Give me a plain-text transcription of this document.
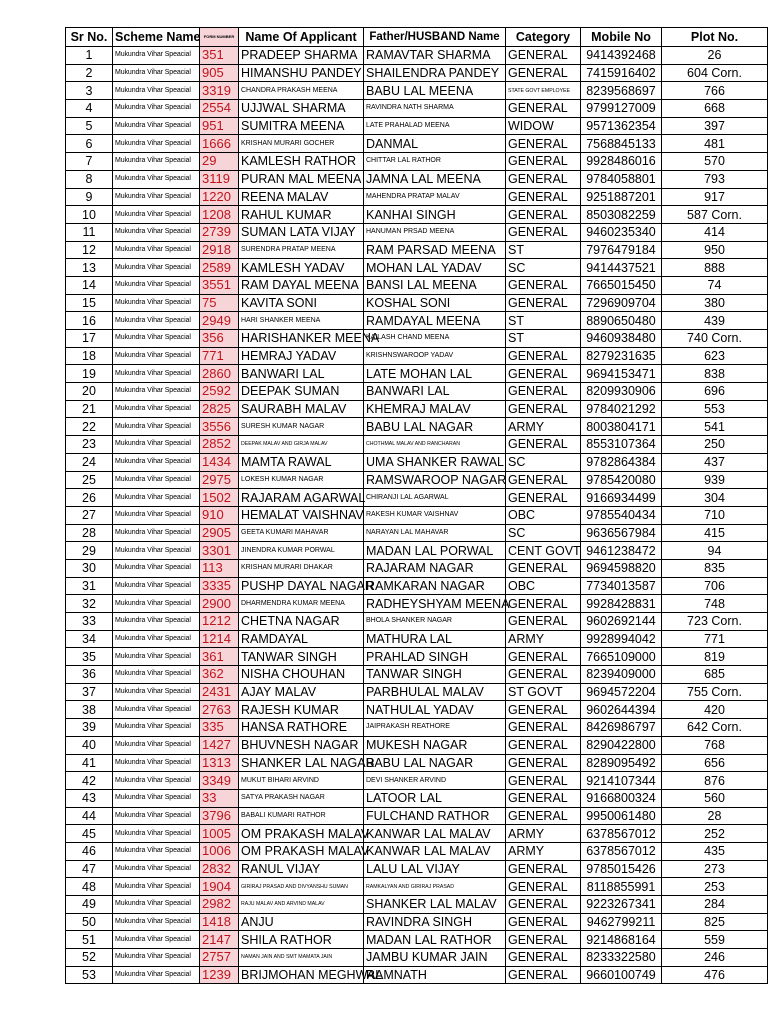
Sr No.	Scheme Name	FORM NUMBER	Name Of Applicant	Father/HUSBAND Name	Category	Mobile No	Plot No.
1	Mukundra Vihar Speacial	351	PRADEEP SHARMA	RAMAVTAR SHARMA	GENERAL	9414392468	26
2	Mukundra Vihar Speacial	905	HIMANSHU PANDEY	SHAILENDRA PANDEY	GENERAL	7415916402	604 Corn.
3	Mukundra Vihar Speacial	3319	CHANDRA PRAKASH MEENA	BABU LAL MEENA	STATE GOVT EMPLOYEE	8239568697	766
4	Mukundra Vihar Speacial	2554	UJJWAL SHARMA	RAVINDRA NATH SHARMA	GENERAL	9799127009	668
5	Mukundra Vihar Speacial	951	SUMITRA MEENA	LATE PRAHALAD MEENA	WIDOW	9571362354	397
6	Mukundra Vihar Speacial	1666	KRISHAN MURARI GOCHER	DANMAL	GENERAL	7568845133	481
7	Mukundra Vihar Speacial	29	KAMLESH RATHOR	CHITTAR LAL RATHOR	GENERAL	9928486016	570
8	Mukundra Vihar Speacial	3119	PURAN MAL MEENA	JAMNA LAL MEENA	GENERAL	9784058801	793
9	Mukundra Vihar Speacial	1220	REENA MALAV	MAHENDRA PRATAP MALAV	GENERAL	9251887201	917
10	Mukundra Vihar Speacial	1208	RAHUL KUMAR	KANHAI SINGH	GENERAL	8503082259	587 Corn.
11	Mukundra Vihar Speacial	2739	SUMAN LATA VIJAY	HANUMAN PRSAD MEENA	GENERAL	9460235340	414
12	Mukundra Vihar Speacial	2918	SURENDRA PRATAP MEENA	RAM PARSAD MEENA	ST	7976479184	950
13	Mukundra Vihar Speacial	2589	KAMLESH YADAV	MOHAN LAL YADAV	SC	9414437521	888
14	Mukundra Vihar Speacial	3551	RAM DAYAL MEENA	BANSI LAL MEENA	GENERAL	7665015450	74
15	Mukundra Vihar Speacial	75	KAVITA SONI	KOSHAL SONI	GENERAL	7296909704	380
16	Mukundra Vihar Speacial	2949	HARI SHANKER MEENA	RAMDAYAL MEENA	ST	8890650480	439
17	Mukundra Vihar Speacial	356	HARISHANKER MEENA	KAILASH CHAND MEENA	ST	9460938480	740 Corn.
18	Mukundra Vihar Speacial	771	HEMRAJ YADAV	KRISHNSWAROOP YADAV	GENERAL	8279231635	623
19	Mukundra Vihar Speacial	2860	BANWARI LAL	LATE MOHAN LAL	GENERAL	9694153471	838
20	Mukundra Vihar Speacial	2592	DEEPAK SUMAN	BANWARI LAL	GENERAL	8209930906	696
21	Mukundra Vihar Speacial	2825	SAURABH MALAV	KHEMRAJ MALAV	GENERAL	9784021292	553
22	Mukundra Vihar Speacial	3556	SURESH KUMAR NAGAR	BABU LAL NAGAR	ARMY	8003804171	541
23	Mukundra Vihar Speacial	2852	DEEPAK MALAV AND GIRJA MALAV	CHOTHMAL MALAV AND RANCHARAN	GENERAL	8553107364	250
24	Mukundra Vihar Speacial	1434	MAMTA RAWAL	UMA SHANKER RAWAL	SC	9782864384	437
25	Mukundra Vihar Speacial	2975	LOKESH KUMAR NAGAR	RAMSWAROOP NAGAR	GENERAL	9785420080	939
26	Mukundra Vihar Speacial	1502	RAJARAM AGARWAL	CHIRANJI LAL AGARWAL	GENERAL	9166934499	304
27	Mukundra Vihar Speacial	910	HEMALAT VAISHNAV	RAKESH KUMAR VAISHNAV	OBC	9785540434	710
28	Mukundra Vihar Speacial	2905	GEETA KUMARI MAHAVAR	NARAYAN LAL MAHAVAR	SC	9636567984	415
29	Mukundra Vihar Speacial	3301	JINENDRA KUMAR PORWAL	MADAN LAL PORWAL	CENT GOVT	9461238472	94
30	Mukundra Vihar Speacial	113	KRISHAN MURARI DHAKAR	RAJARAM NAGAR	GENERAL	9694598820	835
31	Mukundra Vihar Speacial	3335	PUSHP DAYAL NAGAR	RAMKARAN NAGAR	OBC	7734013587	706
32	Mukundra Vihar Speacial	2900	DHARMENDRA KUMAR MEENA	RADHEYSHYAM MEENA	GENERAL	9928428831	748
33	Mukundra Vihar Speacial	1212	CHETNA NAGAR	BHOLA SHANKER NAGAR	GENERAL	9602692144	723 Corn.
34	Mukundra Vihar Speacial	1214	RAMDAYAL	MATHURA LAL	ARMY	9928994042	771
35	Mukundra Vihar Speacial	361	TANWAR SINGH	PRAHLAD SINGH	GENERAL	7665109000	819
36	Mukundra Vihar Speacial	362	NISHA CHOUHAN	TANWAR SINGH	GENERAL	8239409000	685
37	Mukundra Vihar Speacial	2431	AJAY MALAV	PARBHULAL MALAV	ST GOVT	9694572204	755 Corn.
38	Mukundra Vihar Speacial	2763	RAJESH KUMAR	NATHULAL YADAV	GENERAL	9602644394	420
39	Mukundra Vihar Speacial	335	HANSA RATHORE	JAIPRAKASH REATHORE	GENERAL	8426986797	642 Corn.
40	Mukundra Vihar Speacial	1427	BHUVNESH NAGAR	MUKESH NAGAR	GENERAL	8290422800	768
41	Mukundra Vihar Speacial	1313	SHANKER LAL NAGAR	BABU LAL NAGAR	GENERAL	8289095492	656
42	Mukundra Vihar Speacial	3349	MUKUT BIHARI ARVIND	DEVI SHANKER ARVIND	GENERAL	9214107344	876
43	Mukundra Vihar Speacial	33	SATYA PRAKASH NAGAR	LATOOR LAL	GENERAL	9166800324	560
44	Mukundra Vihar Speacial	3796	BABALI KUMARI RATHOR	FULCHAND RATHOR	GENERAL	9950061480	28
45	Mukundra Vihar Speacial	1005	OM PRAKASH MALAV	KANWAR LAL MALAV	ARMY	6378567012	252
46	Mukundra Vihar Speacial	1006	OM PRAKASH MALAV	KANWAR LAL MALAV	ARMY	6378567012	435
47	Mukundra Vihar Speacial	2832	RANUL VIJAY	LALU LAL VIJAY	GENERAL	9785015426	273
48	Mukundra Vihar Speacial	1904	GIRIRAJ PRASAD AND DIVYANSHU SUMAN	RAMKALYAN AND GIRIRAJ PRASAD	GENERAL	8118855991	253
49	Mukundra Vihar Speacial	2982	RAJU MALAV AND ARVIND MALAV	SHANKER LAL MALAV	GENERAL	9223267341	284
50	Mukundra Vihar Speacial	1418	ANJU	RAVINDRA SINGH	GENERAL	9462799211	825
51	Mukundra Vihar Speacial	2147	SHILA RATHOR	MADAN LAL RATHOR	GENERAL	9214868164	559
52	Mukundra Vihar Speacial	2757	NAMAN JAIN AND SMT MAMATA JAIN	JAMBU KUMAR JAIN	GENERAL	8233322580	246
53	Mukundra Vihar Speacial	1239	BRIJMOHAN MEGHWAL	RAMNATH	GENERAL	9660100749	476
